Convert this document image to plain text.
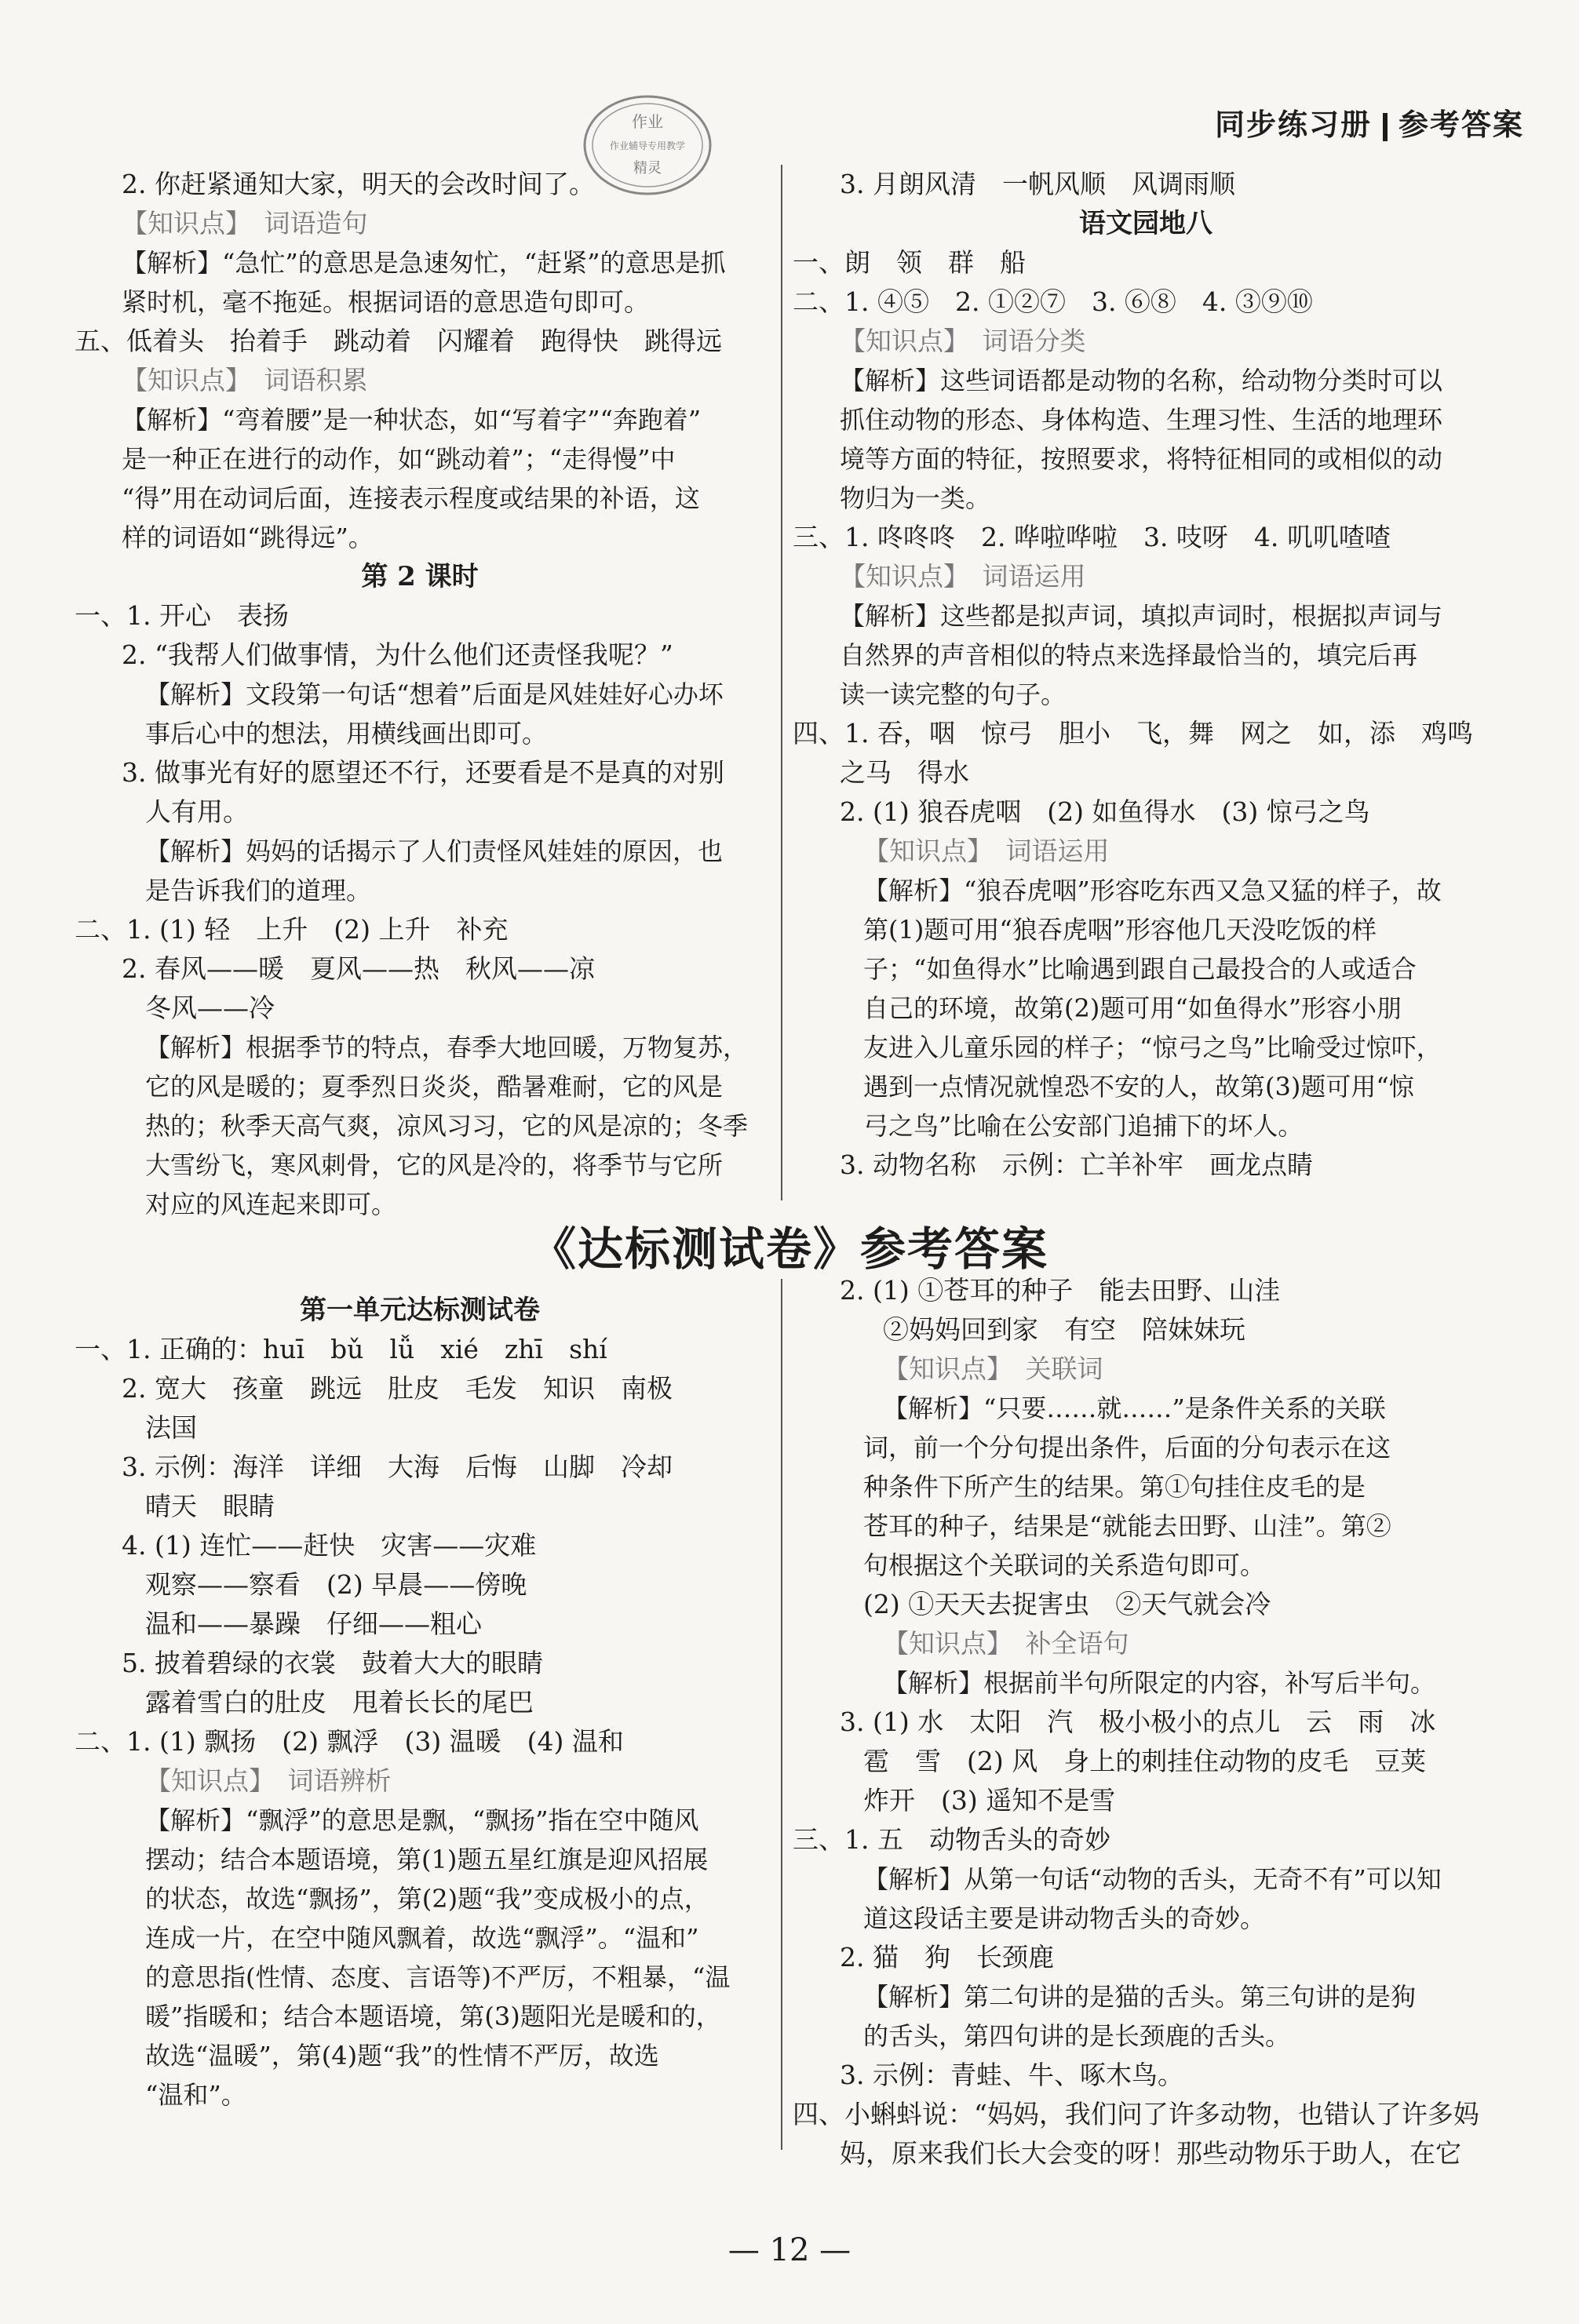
同步练习册 参考答案
作业
作业辅导专用教学
精灵

2. 你赶紧通知大家，明天的会改时间了。

【知识点】　词语造句

【解析】“急忙”的意思是急速匆忙，“赶紧”的意思是抓

紧时机，毫不拖延。根据词语的意思造句即可。

五、低着头　抬着手　跳动着　闪耀着　跑得快　跳得远

【知识点】　词语积累

【解析】“弯着腰”是一种状态，如“写着字”“奔跑着”

是一种正在进行的动作，如“跳动着”；“走得慢”中

“得”用在动词后面，连接表示程度或结果的补语，这

样的词语如“跳得远”。

第 2 课时

一、1. 开心　表扬

2. “我帮人们做事情，为什么他们还责怪我呢？”

【解析】文段第一句话“想着”后面是风娃娃好心办坏

事后心中的想法，用横线画出即可。

3. 做事光有好的愿望还不行，还要看是不是真的对别

人有用。

【解析】妈妈的话揭示了人们责怪风娃娃的原因，也

是告诉我们的道理。

二、1. (1) 轻　上升　(2) 上升　补充

2. 春风——暖　夏风——热　秋风——凉

冬风——冷

【解析】根据季节的特点，春季大地回暖，万物复苏，

它的风是暖的；夏季烈日炎炎，酷暑难耐，它的风是

热的；秋季天高气爽，凉风习习，它的风是凉的；冬季

大雪纷飞，寒风刺骨，它的风是冷的，将季节与它所

对应的风连起来即可。

3. 月朗风清　一帆风顺　风调雨顺

语文园地八

一、朗　领　群　船

二、1. ④⑤　2. ①②⑦　3. ⑥⑧　4. ③⑨⑩

【知识点】　词语分类

【解析】这些词语都是动物的名称，给动物分类时可以

抓住动物的形态、身体构造、生理习性、生活的地理环

境等方面的特征，按照要求，将特征相同的或相似的动

物归为一类。

三、1. 咚咚咚　2. 哗啦哗啦　3. 吱呀　4. 叽叽喳喳

【知识点】　词语运用

【解析】这些都是拟声词，填拟声词时，根据拟声词与

自然界的声音相似的特点来选择最恰当的，填完后再

读一读完整的句子。

四、1. 吞，咽　惊弓　胆小　飞，舞　网之　如，添　鸡鸣

之马　得水

2. (1) 狼吞虎咽　(2) 如鱼得水　(3) 惊弓之鸟

【知识点】　词语运用

【解析】“狼吞虎咽”形容吃东西又急又猛的样子，故

第(1)题可用“狼吞虎咽”形容他几天没吃饭的样

子；“如鱼得水”比喻遇到跟自己最投合的人或适合

自己的环境，故第(2)题可用“如鱼得水”形容小朋

友进入儿童乐园的样子；“惊弓之鸟”比喻受过惊吓，

遇到一点情况就惶恐不安的人，故第(3)题可用“惊

弓之鸟”比喻在公安部门追捕下的坏人。

3. 动物名称　示例：亡羊补牢　画龙点睛

《达标测试卷》参考答案

第一单元达标测试卷

一、1. 正确的：huī　bǔ　lǚ　xié　zhī　shí

2. 宽大　孩童　跳远　肚皮　毛发　知识　南极

法国

3. 示例：海洋　详细　大海　后悔　山脚　冷却

晴天　眼睛

4. (1) 连忙——赶快　灾害——灾难

观察——察看　(2) 早晨——傍晚

温和——暴躁　仔细——粗心

5. 披着碧绿的衣裳　鼓着大大的眼睛

露着雪白的肚皮　甩着长长的尾巴

二、1. (1) 飘扬　(2) 飘浮　(3) 温暖　(4) 温和

【知识点】　词语辨析

【解析】“飘浮”的意思是飘，“飘扬”指在空中随风

摆动；结合本题语境，第(1)题五星红旗是迎风招展

的状态，故选“飘扬”，第(2)题“我”变成极小的点，

连成一片，在空中随风飘着，故选“飘浮”。“温和”

的意思指(性情、态度、言语等)不严厉，不粗暴，“温

暖”指暖和；结合本题语境，第(3)题阳光是暖和的，

故选“温暖”，第(4)题“我”的性情不严厉，故选

“温和”。

2. (1) ①苍耳的种子　能去田野、山洼

②妈妈回到家　有空　陪妹妹玩

【知识点】　关联词

【解析】“只要……就……”是条件关系的关联

词，前一个分句提出条件，后面的分句表示在这

种条件下所产生的结果。第①句挂住皮毛的是

苍耳的种子，结果是“就能去田野、山洼”。第②

句根据这个关联词的关系造句即可。

(2) ①天天去捉害虫　②天气就会冷

【知识点】　补全语句

【解析】根据前半句所限定的内容，补写后半句。

3. (1) 水　太阳　汽　极小极小的点儿　云　雨　冰

雹　雪　(2) 风　身上的刺挂住动物的皮毛　豆荚

炸开　(3) 遥知不是雪

三、1. 五　动物舌头的奇妙

【解析】从第一句话“动物的舌头，无奇不有”可以知

道这段话主要是讲动物舌头的奇妙。

2. 猫　狗　长颈鹿

【解析】第二句讲的是猫的舌头。第三句讲的是狗

的舌头，第四句讲的是长颈鹿的舌头。

3. 示例：青蛙、牛、啄木鸟。

四、小蝌蚪说：“妈妈，我们问了许多动物，也错认了许多妈

妈，原来我们长大会变的呀！那些动物乐于助人，在它

— 12 —
